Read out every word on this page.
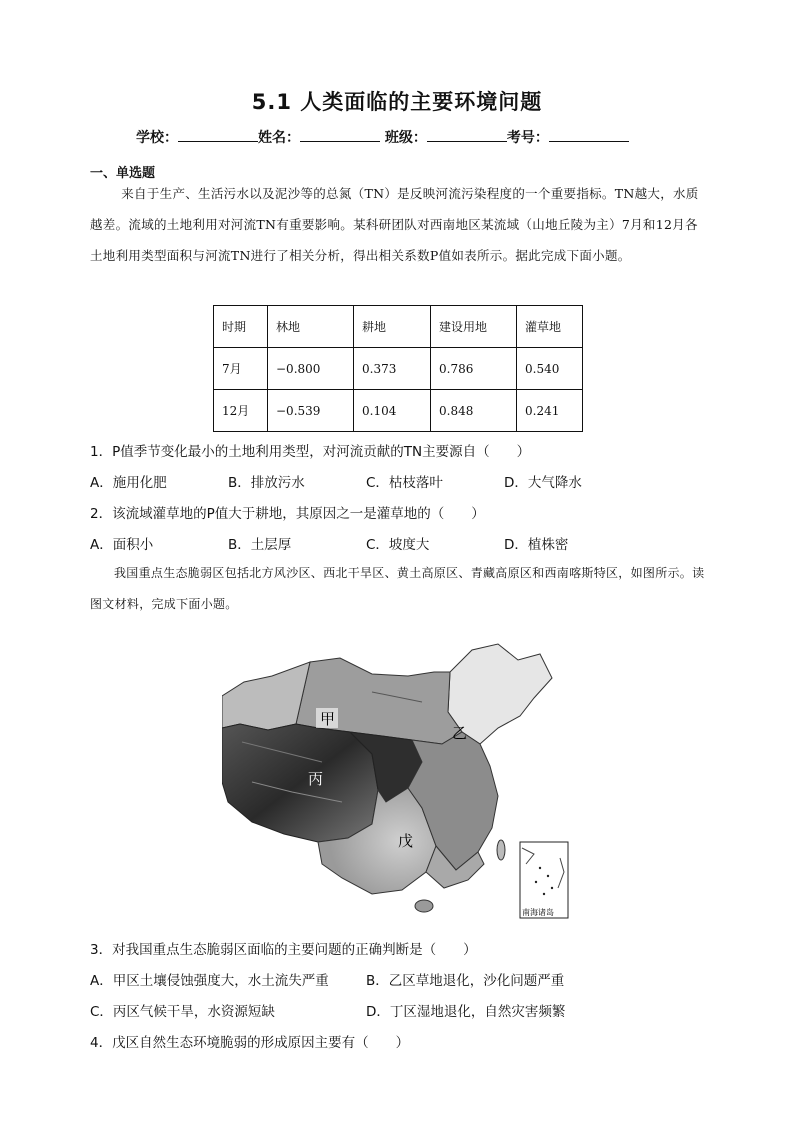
5.1 人类面临的主要环境问题
学校：	姓名：	班级：	考号：
一、单选题
来自于生产、生活污水以及泥沙等的总氮（TN）是反映河流污染程度的一个重要指标。TN越大，水质越差。流域的土地利用对河流TN有重要影响。某科研团队对西南地区某流域（山地丘陵为主）7月和12月各土地利用类型面积与河流TN进行了相关分析，得出相关系数P值如表所示。据此完成下面小题。
时期	林地	耕地	建设用地	灌草地
7月	−0.800	0.373	0.786	0.540
12月	−0.539	0.104	0.848	0.241
1．P值季节变化最小的土地利用类型，对河流贡献的TN主要源自（　　）
A．施用化肥	B．排放污水	C．枯枝落叶	D．大气降水
2．该流域灌草地的P值大于耕地，其原因之一是灌草地的（　　）
A．面积小	B．土层厚	C．坡度大	D．植株密
我国重点生态脆弱区包括北方风沙区、西北干旱区、黄土高原区、青藏高原区和西南喀斯特区，如图所示。读图文材料，完成下面小题。
甲
乙
丙
戊
南海诸岛
3．对我国重点生态脆弱区面临的主要问题的正确判断是（　　）
A．甲区土壤侵蚀强度大，水土流失严重	B．乙区草地退化，沙化问题严重
C．丙区气候干旱，水资源短缺	D．丁区湿地退化，自然灾害频繁
4．戊区自然生态环境脆弱的形成原因主要有（　　）
